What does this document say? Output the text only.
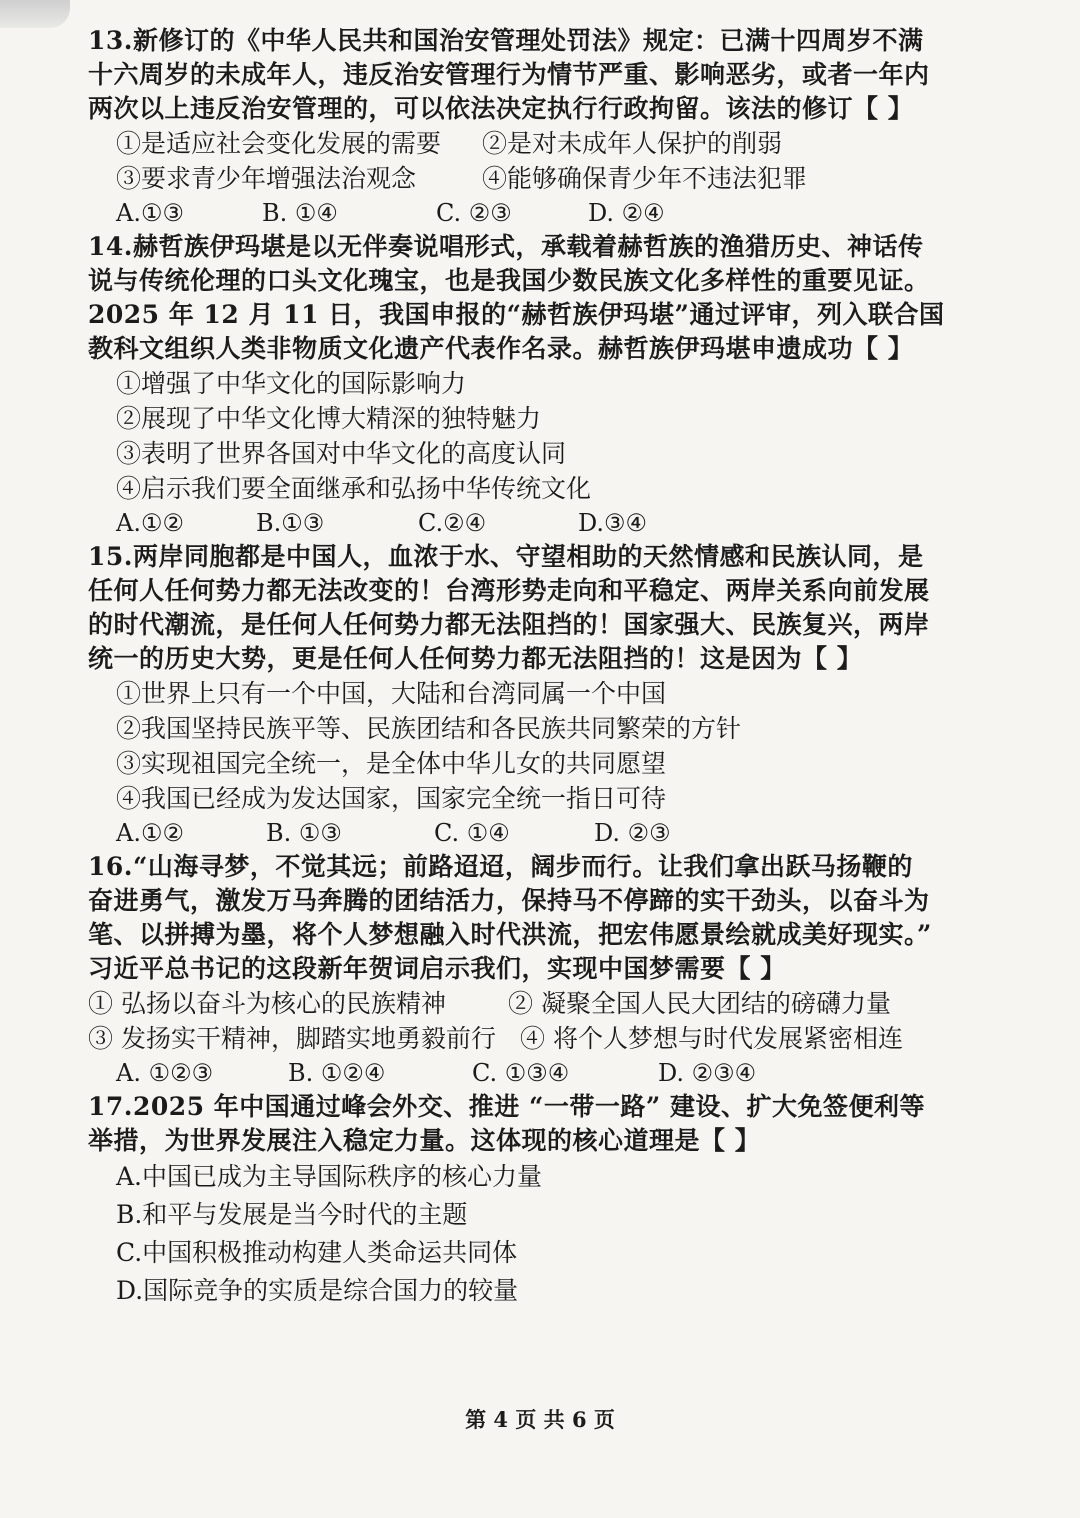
13.新修订的《中华人民共和国治安管理处罚法》规定：已满十四周岁不满
十六周岁的未成年人，违反治安管理行为情节严重、影响恶劣，或者一年内
两次以上违反治安管理的，可以依法决定执行行政拘留。该法的修订【 】
①是适应社会变化发展的需要	②是对未成年人保护的削弱
③要求青少年增强法治观念	④能够确保青少年不违法犯罪
A.①③	B. ①④	C. ②③	D. ②④
14.赫哲族伊玛堪是以无伴奏说唱形式，承载着赫哲族的渔猎历史、神话传
说与传统伦理的口头文化瑰宝，也是我国少数民族文化多样性的重要见证。
2025 年 12 月 11 日，我国申报的“赫哲族伊玛堪”通过评审，列入联合国
教科文组织人类非物质文化遗产代表作名录。赫哲族伊玛堪申遗成功【 】
①增强了中华文化的国际影响力
②展现了中华文化博大精深的独特魅力
③表明了世界各国对中华文化的高度认同
④启示我们要全面继承和弘扬中华传统文化
A.①②	B.①③	C.②④	D.③④
15.两岸同胞都是中国人，血浓于水、守望相助的天然情感和民族认同，是
任何人任何势力都无法改变的！台湾形势走向和平稳定、两岸关系向前发展
的时代潮流，是任何人任何势力都无法阻挡的！国家强大、民族复兴，两岸
统一的历史大势，更是任何人任何势力都无法阻挡的！这是因为【 】
①世界上只有一个中国，大陆和台湾同属一个中国
②我国坚持民族平等、民族团结和各民族共同繁荣的方针
③实现祖国完全统一，是全体中华儿女的共同愿望
④我国已经成为发达国家，国家完全统一指日可待
A.①②	B. ①③	C. ①④	D. ②③
16.“山海寻梦，不觉其远；前路迢迢，阔步而行。让我们拿出跃马扬鞭的
奋进勇气，激发万马奔腾的团结活力，保持马不停蹄的实干劲头，以奋斗为
笔、以拼搏为墨，将个人梦想融入时代洪流，把宏伟愿景绘就成美好现实。”
习近平总书记的这段新年贺词启示我们，实现中国梦需要【 】
① 弘扬以奋斗为核心的民族精神	② 凝聚全国人民大团结的磅礴力量
③ 发扬实干精神，脚踏实地勇毅前行 ④ 将个人梦想与时代发展紧密相连
A. ①②③	B. ①②④	C. ①③④	D. ②③④
17.2025 年中国通过峰会外交、推进 “一带一路” 建设、扩大免签便利等
举措，为世界发展注入稳定力量。这体现的核心道理是【 】
A.中国已成为主导国际秩序的核心力量
B.和平与发展是当今时代的主题
C.中国积极推动构建人类命运共同体
D.国际竞争的实质是综合国力的较量
第 4 页 共 6 页
